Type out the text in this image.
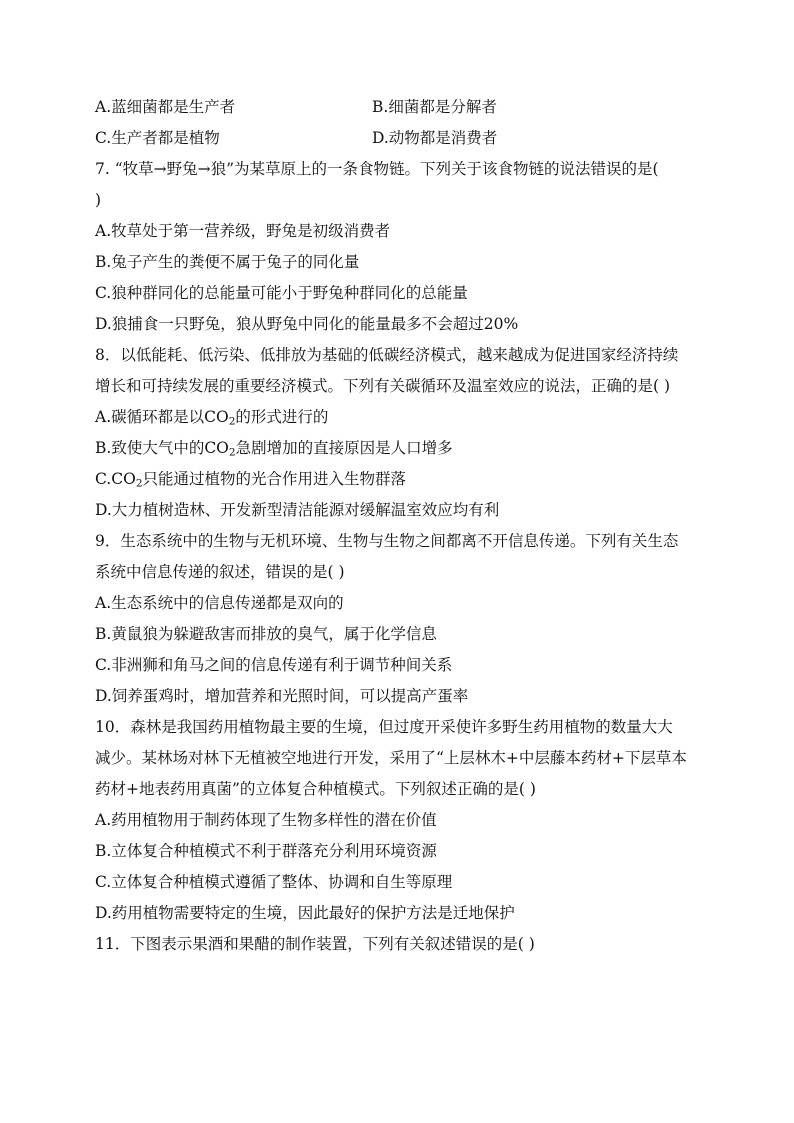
A.蓝细菌都是生产者	B.细菌都是分解者
C.生产者都是植物	D.动物都是消费者
7. “牧草→野兔→狼”为某草原上的一条食物链。下列关于该食物链的说法错误的是(
)
A.牧草处于第一营养级，野兔是初级消费者
B.兔子产生的粪便不属于兔子的同化量
C.狼种群同化的总能量可能小于野兔种群同化的总能量
D.狼捕食一只野兔，狼从野兔中同化的能量最多不会超过20%
8．以低能耗、低污染、低排放为基础的低碳经济模式，越来越成为促进国家经济持续
增长和可持续发展的重要经济模式。下列有关碳循环及温室效应的说法，正确的是( )
A.碳循环都是以$CO_2$的形式进行的
B.致使大气中的$CO_2$急剧增加的直接原因是人口增多
$C.CO_2$只能通过植物的光合作用进入生物群落
D.大力植树造林、开发新型清洁能源对缓解温室效应均有利
9．生态系统中的生物与无机环境、生物与生物之间都离不开信息传递。下列有关生态
系统中信息传递的叙述，错误的是( )
A.生态系统中的信息传递都是双向的
B.黄鼠狼为躲避敌害而排放的臭气，属于化学信息
C.非洲狮和角马之间的信息传递有利于调节种间关系
D.饲养蛋鸡时，增加营养和光照时间，可以提高产蛋率
10．森林是我国药用植物最主要的生境，但过度开采使许多野生药用植物的数量大大
减少。某林场对林下无植被空地进行开发，采用了“上层林木+中层藤本药材+下层草本
药材+地表药用真菌”的立体复合种植模式。下列叙述正确的是( )
A.药用植物用于制药体现了生物多样性的潜在价值
B.立体复合种植模式不利于群落充分利用环境资源
C.立体复合种植模式遵循了整体、协调和自生等原理
D.药用植物需要特定的生境，因此最好的保护方法是迁地保护
11．下图表示果酒和果醋的制作装置，下列有关叙述错误的是( )
